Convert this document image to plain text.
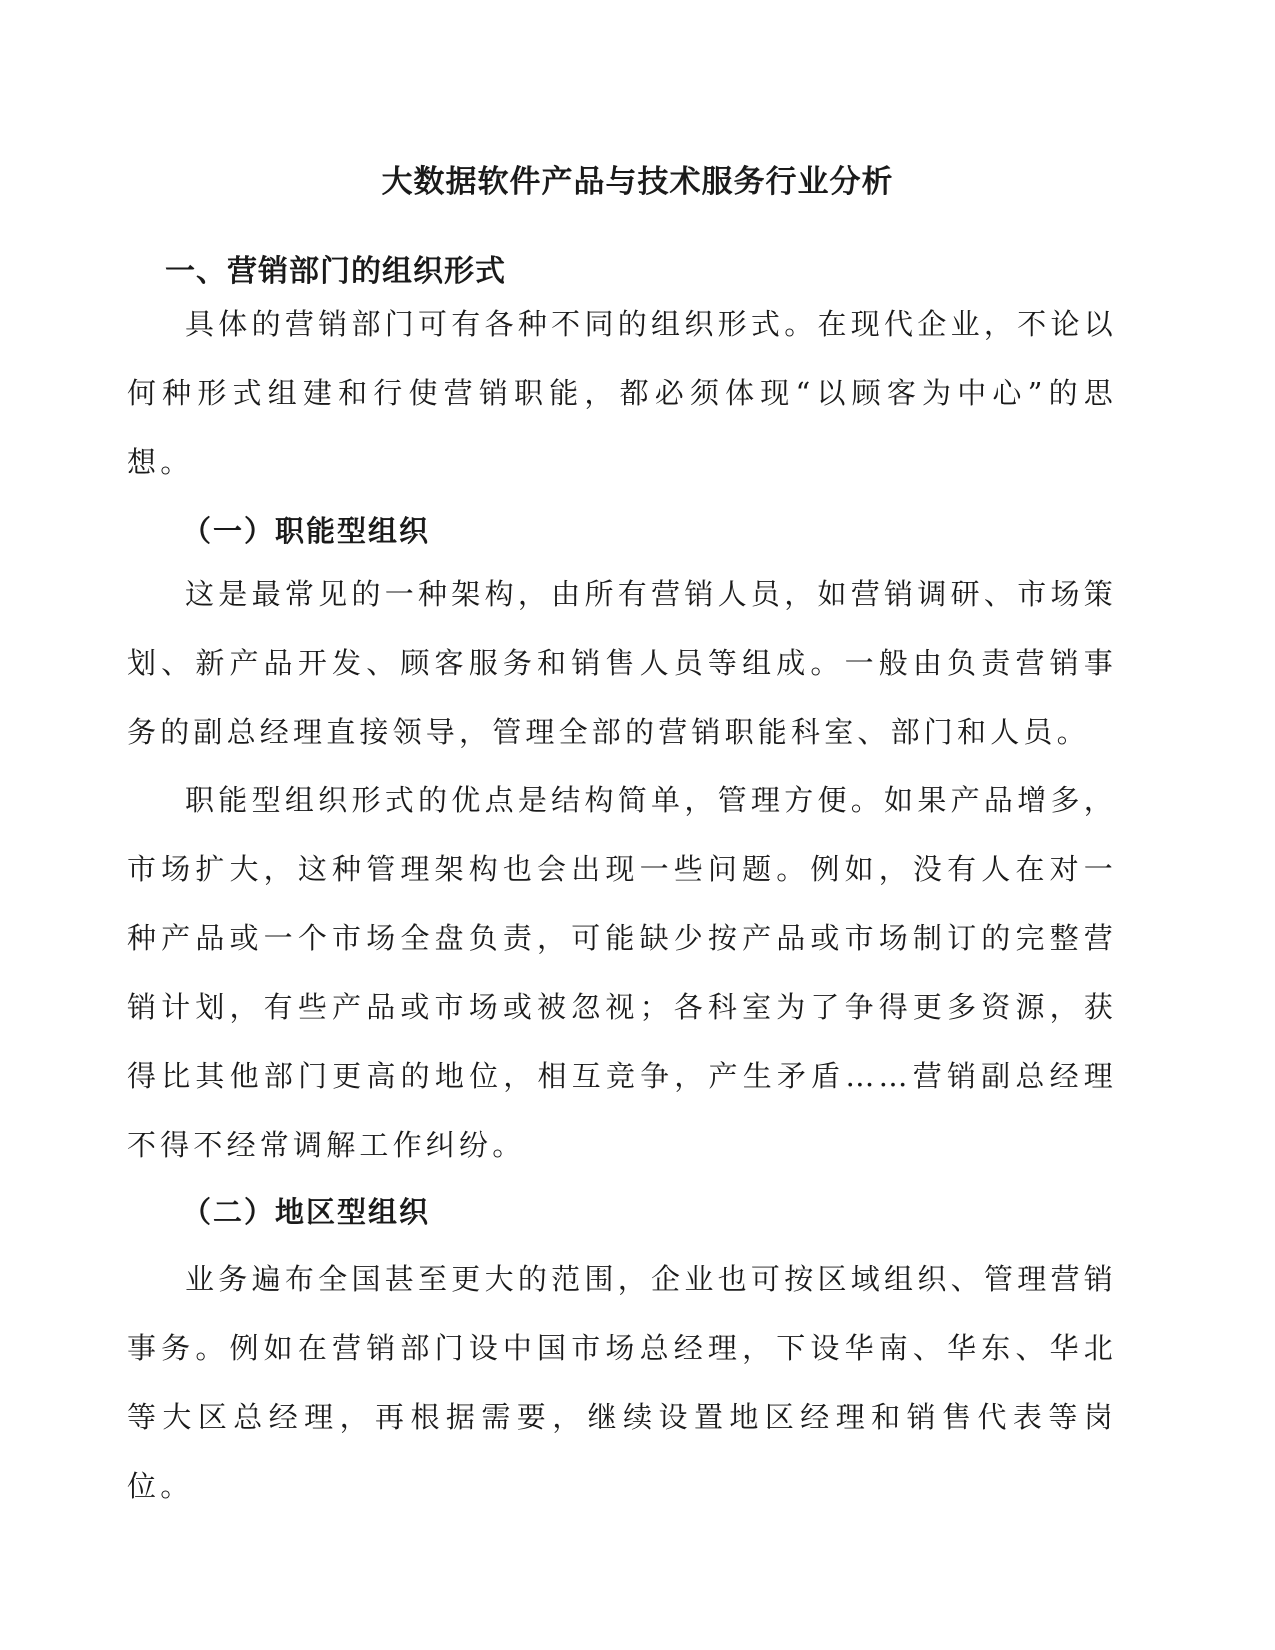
大数据软件产品与技术服务行业分析
一、营销部门的组织形式

具体的营销部门可有各种不同的组织形式。在现代企业，不论以何种形式组建和行使营销职能，都必须体现“以顾客为中心”的思想。

（一）职能型组织

这是最常见的一种架构，由所有营销人员，如营销调研、市场策划、新产品开发、顾客服务和销售人员等组成。一般由负责营销事务的副总经理直接领导，管理全部的营销职能科室、部门和人员。

职能型组织形式的优点是结构简单，管理方便。如果产品增多，市场扩大，这种管理架构也会出现一些问题。例如，没有人在对一种产品或一个市场全盘负责，可能缺少按产品或市场制订的完整营销计划，有些产品或市场或被忽视；各科室为了争得更多资源，获得比其他部门更高的地位，相互竞争，产生矛盾……营销副总经理不得不经常调解工作纠纷。

（二）地区型组织

业务遍布全国甚至更大的范围，企业也可按区域组织、管理营销事务。例如在营销部门设中国市场总经理，下设华南、华东、华北等大区总经理，再根据需要，继续设置地区经理和销售代表等岗位。
